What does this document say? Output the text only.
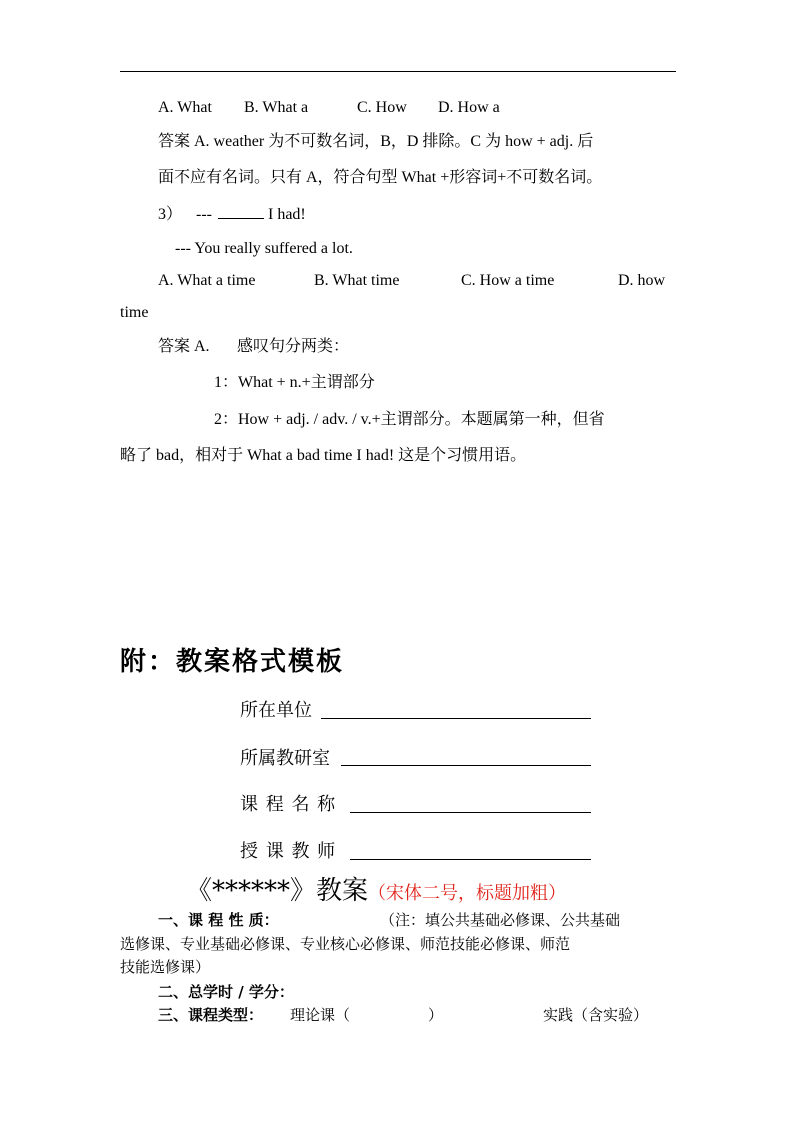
A. What B. What a	C. How D. How a
答案 A. weather 为不可数名词，B，D 排除。C 为 how + adj. 后
面不应有名词。只有 A，符合句型 What +形容词+不可数名词。
3） ---	I had!
--- You really suffered a lot.
A. What a time	B. What time	C. How a time	D. how
time
答案 A. 感叹句分两类：
1：What + n.+主谓部分
2：How + adj. / adv. / v.+主谓部分。本题属第一种，但省
略了 bad，相对于 What a bad time I had! 这是个习惯用语。
附：教案格式模板
所在单位
所属教研室
课 程 名 称
授 课 教 师
《******》教案（宋体二号，标题加粗）
一、课 程 性 质：	（注：填公共基础必修课、公共基础
选修课、专业基础必修课、专业核心必修课、师范技能必修课、师范
技能选修课）
二、总学时 / 学分：
三、课程类型： 理论课（	）	实践（含实验）
